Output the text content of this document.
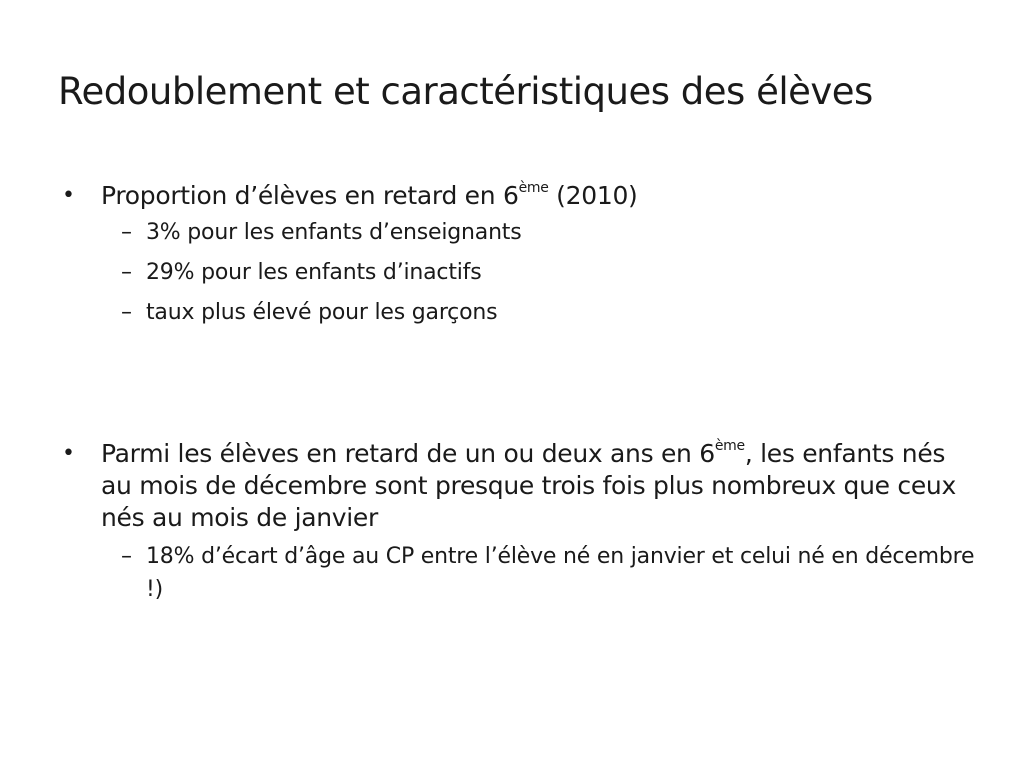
Redoublement et caractéristiques des élèves
• Proportion d’élèves en retard en 6ème (2010)
– 3% pour les enfants d’enseignants
– 29% pour les enfants d’inactifs
– taux plus élevé pour les garçons
• Parmi les élèves en retard de un ou deux ans en 6ème, les enfants nés au mois de décembre sont presque trois fois plus nombreux que ceux nés au mois de janvier
– 18% d’écart d’âge au CP entre l’élève né en janvier et celui né en décembre !)
